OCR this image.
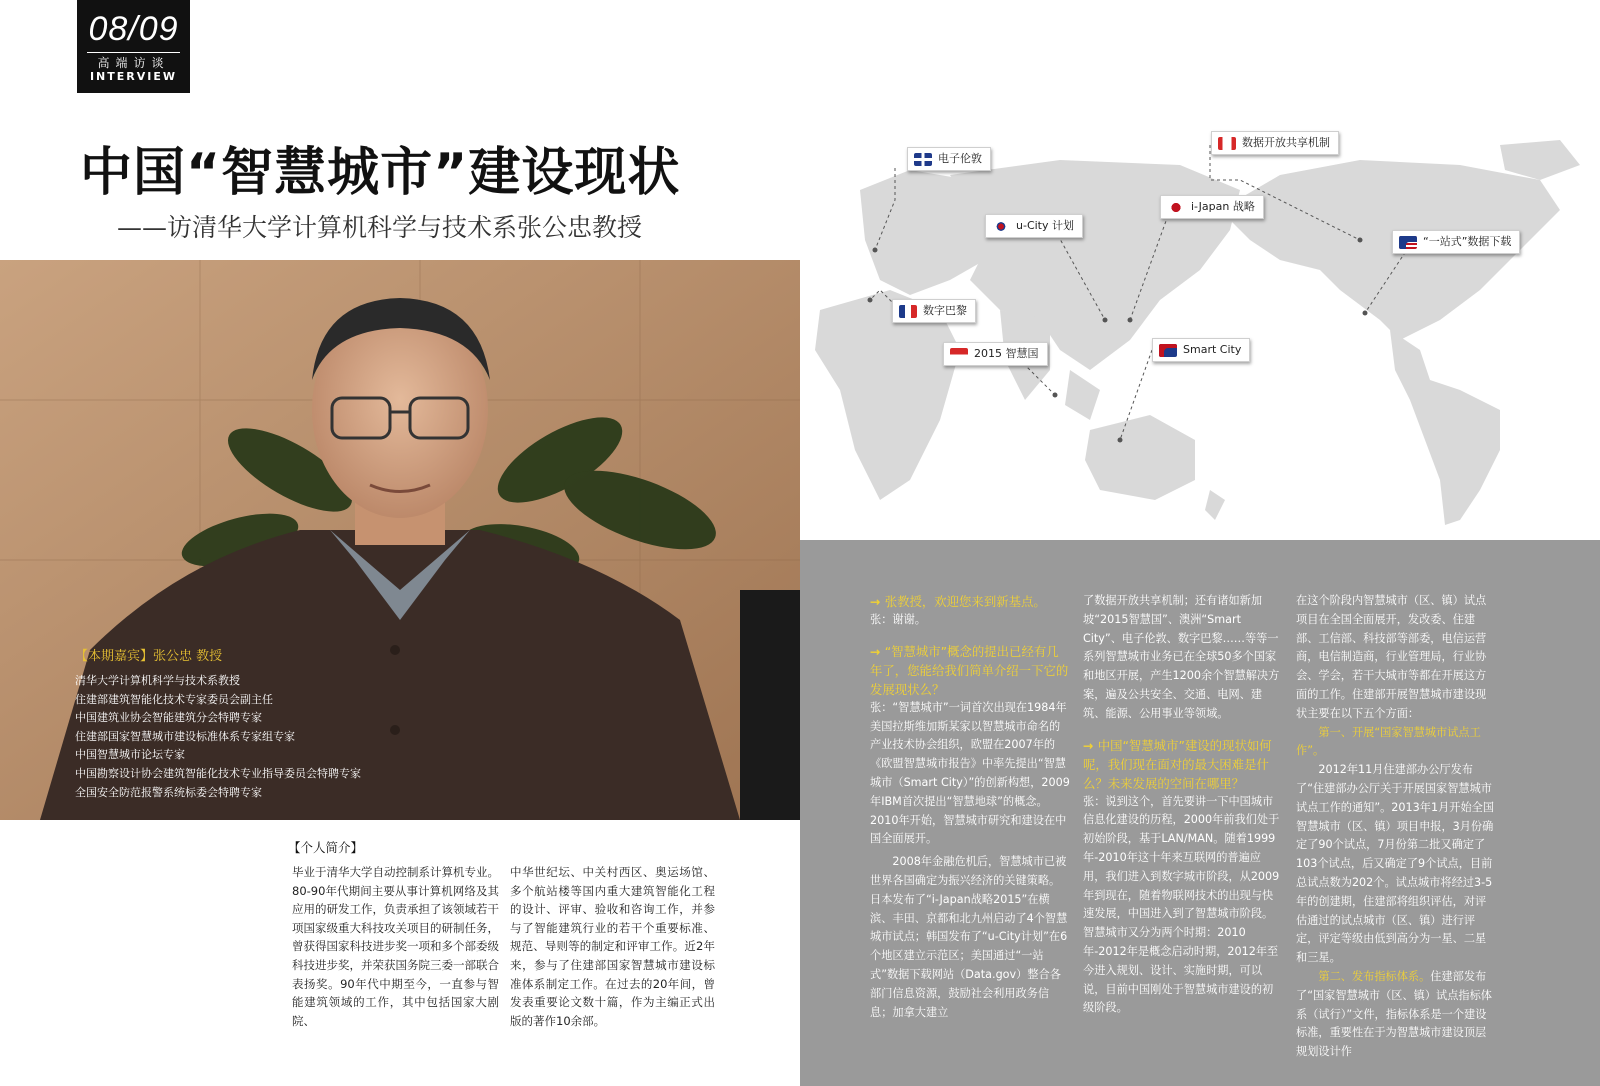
08/09
高端访谈
INTERVIEW
中国“智慧城市”建设现状
——访清华大学计算机科学与技术系张公忠教授
【本期嘉宾】张公忠 教授
清华大学计算机科学与技术系教授
住建部建筑智能化技术专家委员会副主任
中国建筑业协会智能建筑分会特聘专家
住建部国家智慧城市建设标准体系专家组专家
中国智慧城市论坛专家
中国勘察设计协会建筑智能化技术专业指导委员会特聘专家
全国安全防范报警系统标委会特聘专家
【个人简介】
毕业于清华大学自动控制系计算机专业。80-90年代期间主要从事计算机网络及其应用的研发工作，负责承担了该领域若干项国家级重大科技攻关项目的研制任务，曾获得国家科技进步奖一项和多个部委级科技进步奖，并荣获国务院三委一部联合表扬奖。90年代中期至今，一直参与智能建筑领域的工作，其中包括国家大剧院、
中华世纪坛、中关村西区、奥运场馆、多个航站楼等国内重大建筑智能化工程的设计、评审、验收和咨询工作，并参与了智能建筑行业的若干个重要标准、规范、导则等的制定和评审工作。近2年来，参与了住建部国家智慧城市建设标准体系制定工作。在过去的20年间，曾发表重要论文数十篇，作为主编正式出版的著作10余部。
电子伦敦
数据开放共享机制
i-Japan 战略
u-City 计划
“一站式”数据下载
数字巴黎
2015 智慧国	Smart City
→ 张教授，欢迎您来到新基点。
张：谢谢。
→ “智慧城市”概念的提出已经有几年了，您能给我们简单介绍一下它的发展现状么？
张：“智慧城市”一词首次出现在1984年美国拉斯维加斯某家以智慧城市命名的产业技术协会组织，欧盟在2007年的《欧盟智慧城市报告》中率先提出“智慧城市（Smart City）”的创新构想，2009年IBM首次提出“智慧地球”的概念。2010年开始，智慧城市研究和建设在中国全面展开。
2008年金融危机后，智慧城市已被世界各国确定为振兴经济的关键策略。日本发布了“i-Japan战略2015”在横滨、丰田、京都和北九州启动了4个智慧城市试点；韩国发布了“u-City计划”在6个地区建立示范区；美国通过“一站式”数据下载网站（Data.gov）整合各部门信息资源，鼓励社会利用政务信息；加拿大建立
了数据开放共享机制；还有诸如新加坡“2015智慧国”、澳洲“Smart City”、电子伦敦、数字巴黎……等等一系列智慧城市业务已在全球50多个国家和地区开展，产生1200余个智慧解决方案，遍及公共安全、交通、电网、建筑、能源、公用事业等领域。
→ 中国“智慧城市”建设的现状如何呢，我们现在面对的最大困难是什么？未来发展的空间在哪里？
张：说到这个，首先要讲一下中国城市信息化建设的历程，2000年前我们处于初始阶段，基于LAN/MAN。随着1999年-2010年这十年来互联网的普遍应用，我们进入到数字城市阶段，从2009年到现在，随着物联网技术的出现与快速发展，中国进入到了智慧城市阶段。智慧城市又分为两个时期：2010年-2012年是概念启动时期，2012年至今进入规划、设计、实施时期，可以说，目前中国刚处于智慧城市建设的初级阶段。
在这个阶段内智慧城市（区、镇）试点项目在全国全面展开，发改委、住建部、工信部、科技部等部委，电信运营商，电信制造商，行业管理局，行业协会、学会，若干大城市等都在开展这方面的工作。住建部开展智慧城市建设现状主要在以下五个方面：
第一、开展“国家智慧城市试点工作”。
2012年11月住建部办公厅发布了“住建部办公厅关于开展国家智慧城市试点工作的通知”。2013年1月开始全国智慧城市（区、镇）项目申报，3月份确定了90个试点，7月份第二批又确定了103个试点，后又确定了9个试点，目前总试点数为202个。试点城市将经过3-5年的创建期，住建部将组织评估，对评估通过的试点城市（区、镇）进行评定，评定等级由低到高分为一星、二星和三星。
第二、发布指标体系。住建部发布了“国家智慧城市（区、镇）试点指标体系（试行）”文件，指标体系是一个建设标准，重要性在于为智慧城市建设顶层规划设计作
